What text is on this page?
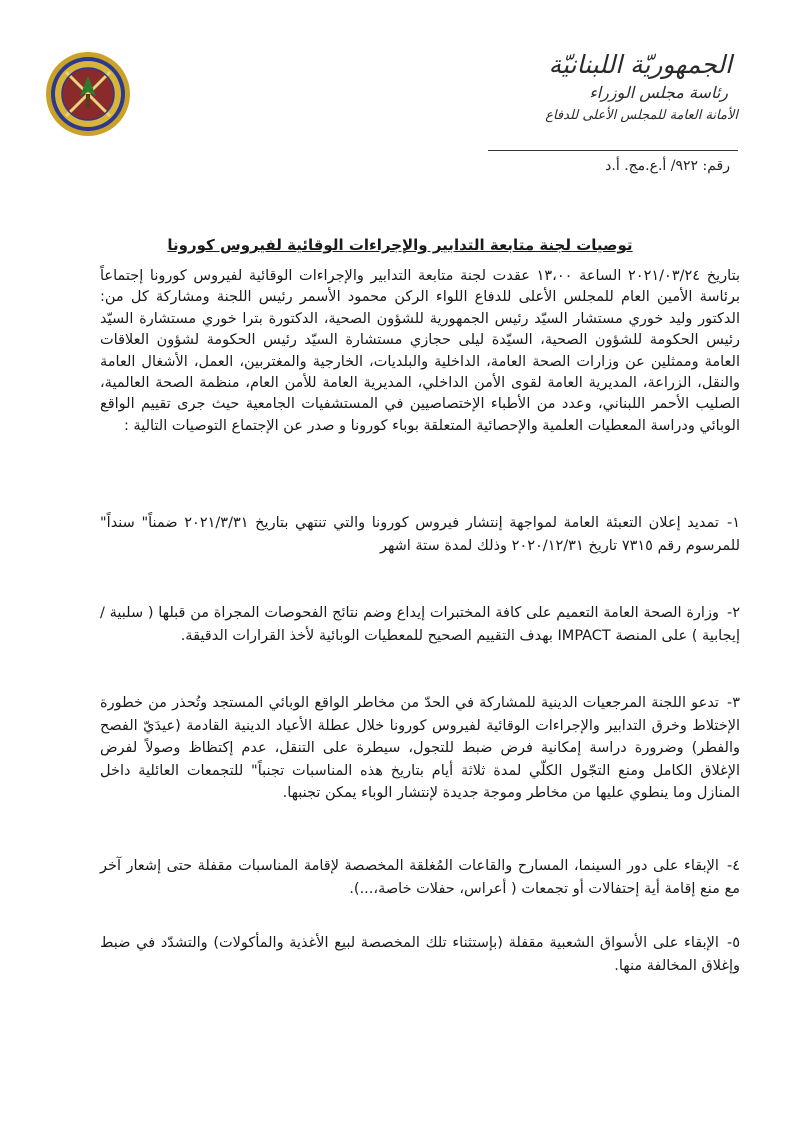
الجمهوريّة اللبنانيّة
رئاسة مجلس الوزراء
الأمانة العامة للمجلس الأعلى للدفاع
رقم: ٩٢٢/ أ.ع.مج. أ.د
توصيات لجنة متابعة التدابير والإجراءات الوقائية لفيروس كورونا
بتاريخ ٢٠٢١/٠٣/٢٤ الساعة ١٣،٠٠ عقدت لجنة متابعة التدابير والإجراءات الوقائية لفيروس كورونا إجتماعاً برئاسة الأمين العام للمجلس الأعلى للدفاع اللواء الركن محمود الأسمر رئيس اللجنة ومشاركة كل من: الدكتور وليد خوري مستشار السيّد رئيس الجمهورية للشؤون الصحية، الدكتورة بترا خوري مستشارة السيّد رئيس الحكومة للشؤون الصحية، السيّدة ليلى حجازي مستشارة السيّد رئيس الحكومة لشؤون العلاقات العامة وممثلين عن وزارات الصحة العامة، الداخلية والبلديات، الخارجية والمغتربين، العمل، الأشغال العامة والنقل، الزراعة، المديرية العامة لقوى الأمن الداخلي، المديرية العامة للأمن العام، منظمة الصحة العالمية، الصليب الأحمر اللبناني، وعدد من الأطباء الإختصاصيين في المستشفيات الجامعية حيث جرى تقييم الواقع الوبائي ودراسة المعطيات العلمية والإحصائية المتعلقة بوباء كورونا و صدر عن الإجتماع التوصيات التالية :
١-تمديد إعلان التعبئة العامة لمواجهة إنتشار فيروس كورونا والتي تنتهي بتاريخ ٢٠٢١/٣/٣١ ضمناً" سنداً" للمرسوم رقم ٧٣١٥ تاريخ ٢٠٢٠/١٢/٣١ وذلك لمدة ستة اشهر
٢-وزارة الصحة العامة التعميم على كافة المختبرات إيداع وضم نتائج الفحوصات المجراة من قبلها ( سلبية / إيجابية ) على المنصة IMPACT بهدف التقييم الصحيح للمعطيات الوبائية لأخذ القرارات الدقيقة.
٣-تدعو اللجنة المرجعيات الدينية للمشاركة في الحدّ من مخاطر الواقع الوبائي المستجد وتُحذر من خطورة الإختلاط وخرق التدابير والإجراءات الوقائية لفيروس كورونا خلال عطلة الأعياد الدينية القادمة (عيدَيّ الفصح والفطر) وضرورة دراسة إمكانية فرض ضبط للتجول، سيطرة على التنقل، عدم إكتظاظ وصولاً لفرض الإغلاق الكامل ومنع التجّول الكلّي لمدة ثلاثة أيام بتاريخ هذه المناسبات تجنباً" للتجمعات العائلية داخل المنازل وما ينطوي عليها من مخاطر وموجة جديدة لإنتشار الوباء يمكن تجنبها.
٤-الإبقاء على دور السينما، المسارح والقاعات المُغلقة المخصصة لإقامة المناسبات مقفلة حتى إشعار آخر مع منع إقامة أية إحتفالات أو تجمعات ( أعراس، حفلات خاصة،...).
٥-الإبقاء على الأسواق الشعبية مقفلة (بإستثناء تلك المخصصة لبيع الأغذية والمأكولات) والتشدّد في ضبط وإغلاق المخالفة منها.
